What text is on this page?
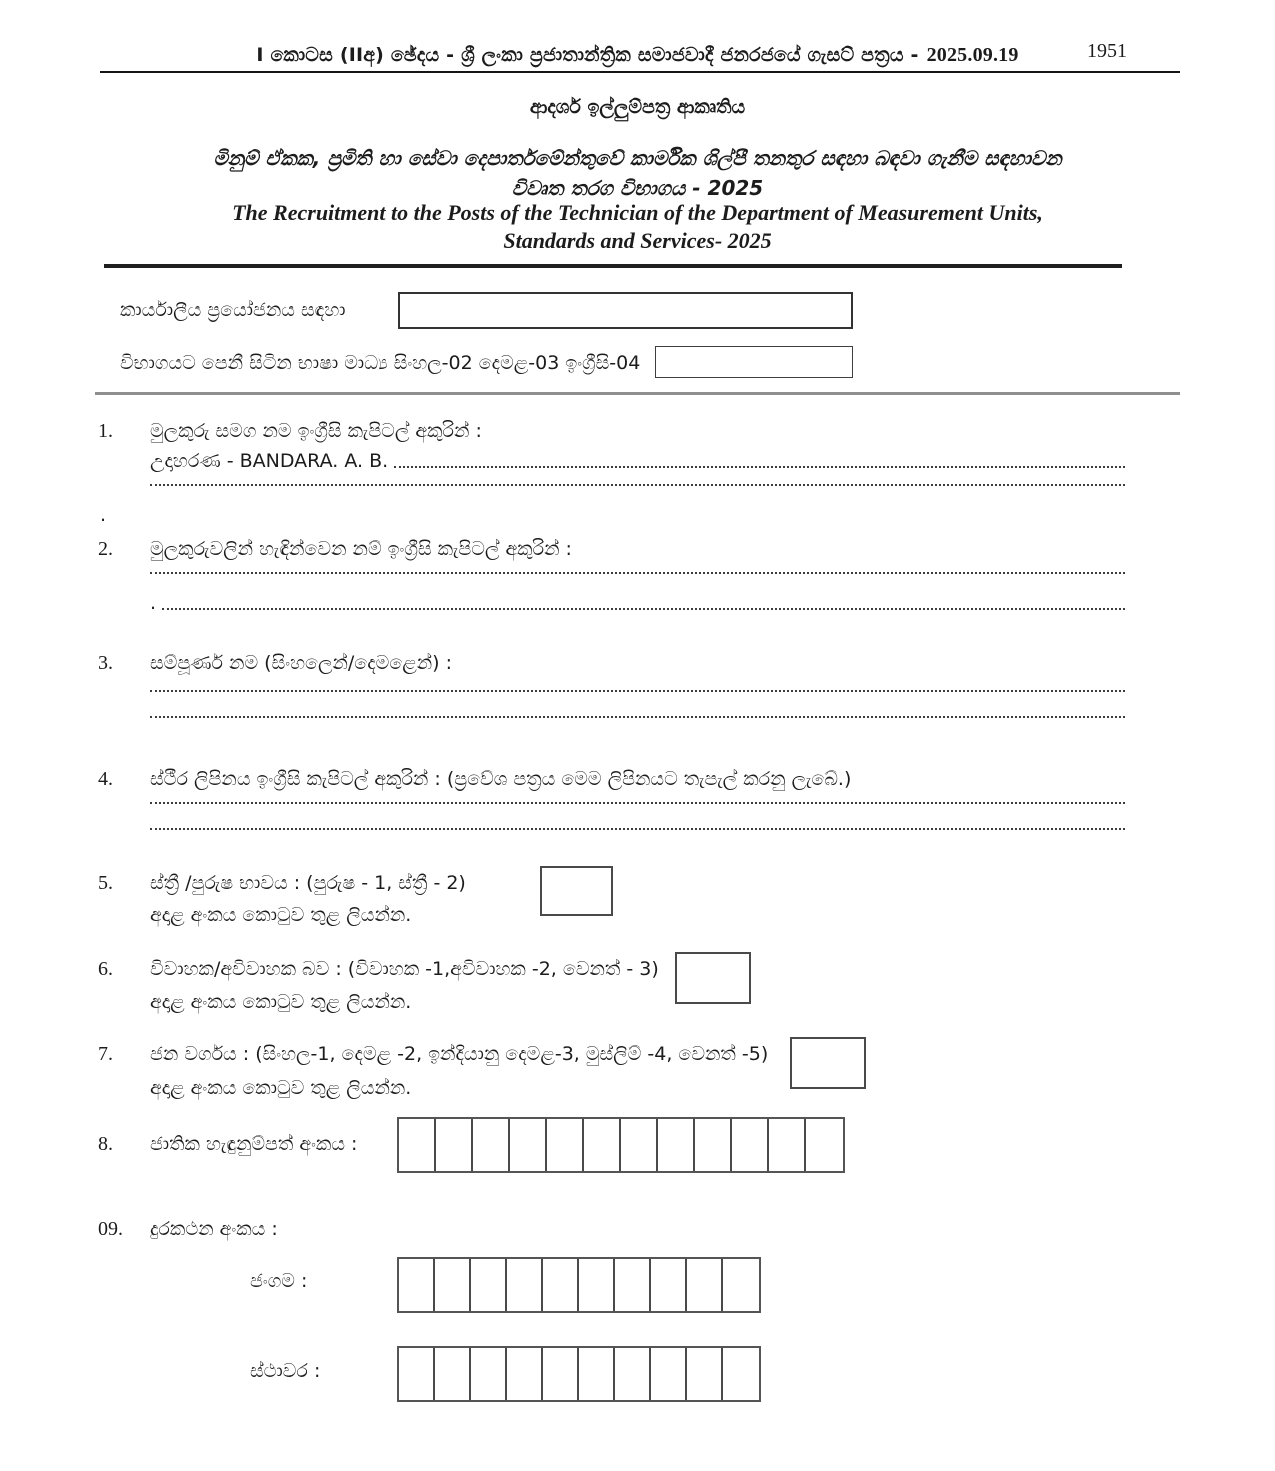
I කොටස (IIඅ) ඡේදය - ශ්‍රී ලංකා ප්‍රජාතාන්ත්‍රික සමාජවාදී ජනරජයේ ගැසට් පත්‍රය - 2025.09.19	1951
ආදර්ශ ඉල්ලුම්පත්‍ර ආකෘතිය
මිනුම් ඒකක, ප්‍රමිති හා සේවා දෙපාර්තමේන්තුවේ කාර්මික ශිල්පී තනතුර සඳහා බඳවා ගැනීම සඳහාවන
විවෘත තරග විභාගය - 2025
The Recruitment to the Posts of the Technician of the Department of Measurement Units,
Standards and Services- 2025
කාර්යාලීය ප්‍රයෝජනය සඳහා
විභාගයට පෙනී සිටින භාෂා මාධ්‍ය සිංහල-02 දෙමළ-03 ඉංග්‍රීසි-04
1. මුලකුරු සමග නම ඉංග්‍රීසි කැපිටල් අකුරින් :
උදාහරණ - BANDARA. A. B.
.
2. මුලකුරුවලින් හැඳින්වෙන නම් ඉංග්‍රීසි කැපිටල් අකුරින් :
.
3. සම්පූර්ණ නම (සිංහලෙන්/දෙමළෙන්) :
4. ස්ථීර ලිපිනය ඉංග්‍රීසි කැපිටල් අකුරින් : (ප්‍රවේශ පත්‍රය මෙම ලිපිනයට තැපැල් කරනු ලැබේ.)
5. ස්ත්‍රී /පුරුෂ භාවය : (පුරුෂ - 1, ස්ත්‍රී - 2)
අදාළ අංකය කොටුව තුළ ලියන්න.
6. විවාහක/අවිවාහක බව : (විවාහක -1,අවිවාහක -2, වෙනත් - 3)
අදාළ අංකය කොටුව තුළ ලියන්න.
7. ජන වර්ගය : (සිංහල-1, දෙමළ -2, ඉන්දියානු දෙමළ-3, මුස්ලිම් -4, වෙනත් -5)
අදාළ අංකය කොටුව තුළ ලියන්න.
8. ජාතික හැඳුනුම්පත් අංකය :
09. දුරකථන අංකය :
ජංගම :
ස්ථාවර :
